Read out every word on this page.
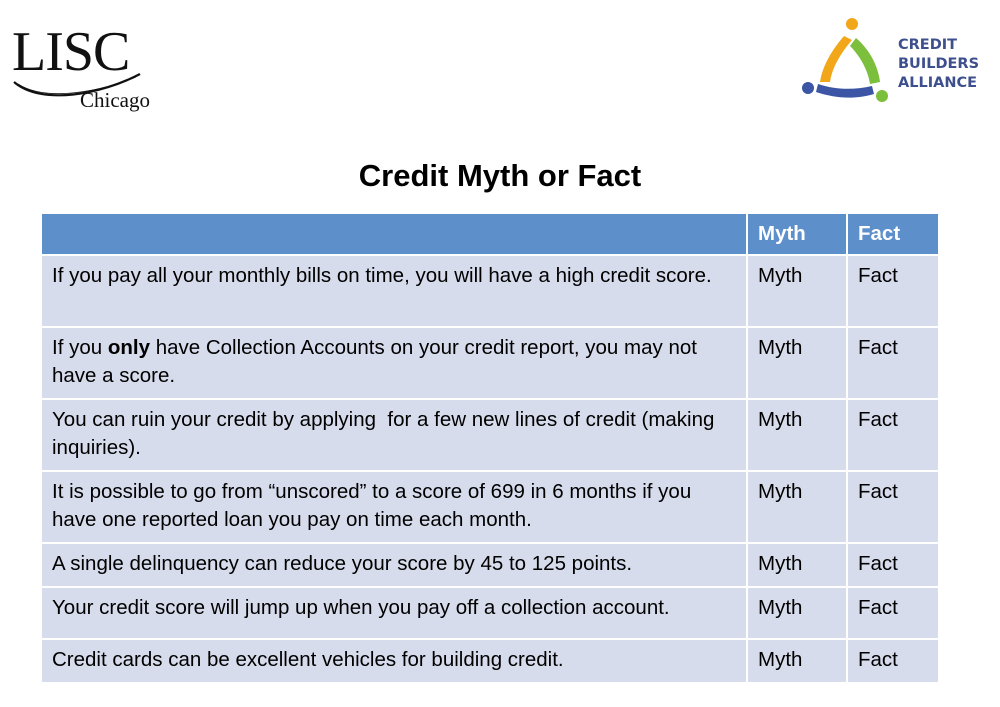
LISC
Chicago
CREDIT
BUILDERS
ALLIANCE
Credit Myth or Fact
	Myth	Fact
If you pay all your monthly bills on time, you will have a high credit score.	Myth	Fact
If you only have Collection Accounts on your credit report, you may not have a score.	Myth	Fact
You can ruin your credit by applying  for a few new lines of credit (making inquiries).	Myth	Fact
It is possible to go from “unscored” to a score of 699 in 6 months if you have one reported loan you pay on time each month.	Myth	Fact
A single delinquency can reduce your score by 45 to 125 points.	Myth	Fact
Your credit score will jump up when you pay off a collection account.	Myth	Fact
Credit cards can be excellent vehicles for building credit.	Myth	Fact
